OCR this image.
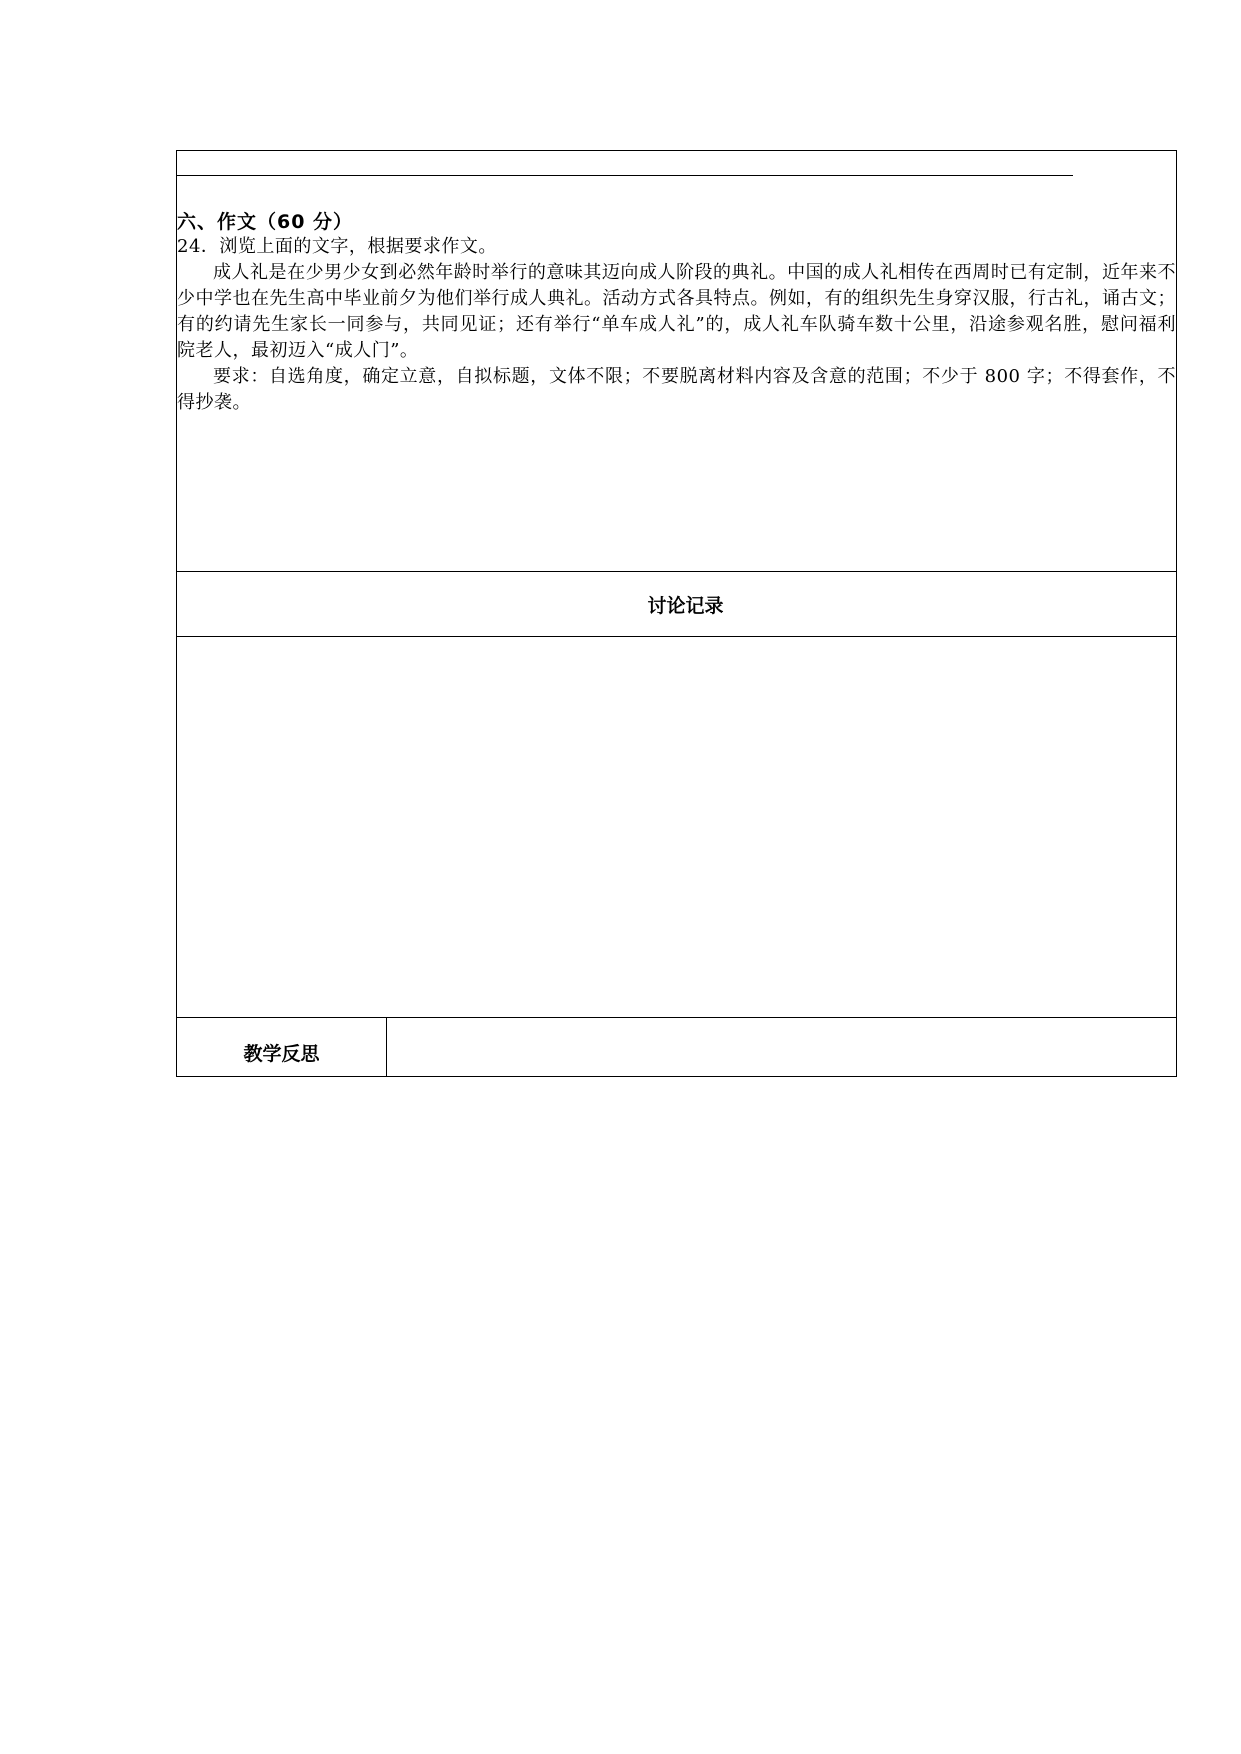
六、作文（60 分）
24．浏览上面的文字，根据要求作文。

成人礼是在少男少女到必然年龄时举行的意味其迈向成人阶段的典礼。中国的成人礼相传在西周时已有定制，近年来不少中学也在先生高中毕业前夕为他们举行成人典礼。活动方式各具特点。例如，有的组织先生身穿汉服，行古礼，诵古文；有的约请先生家长一同参与，共同见证；还有举行“单车成人礼”的，成人礼车队骑车数十公里，沿途参观名胜，慰问福利院老人，最初迈入“成人门”。

要求：自选角度，确定立意，自拟标题，文体不限；不要脱离材料内容及含意的范围；不少于 800 字；不得套作，不得抄袭。

讨论记录

教学反思	
